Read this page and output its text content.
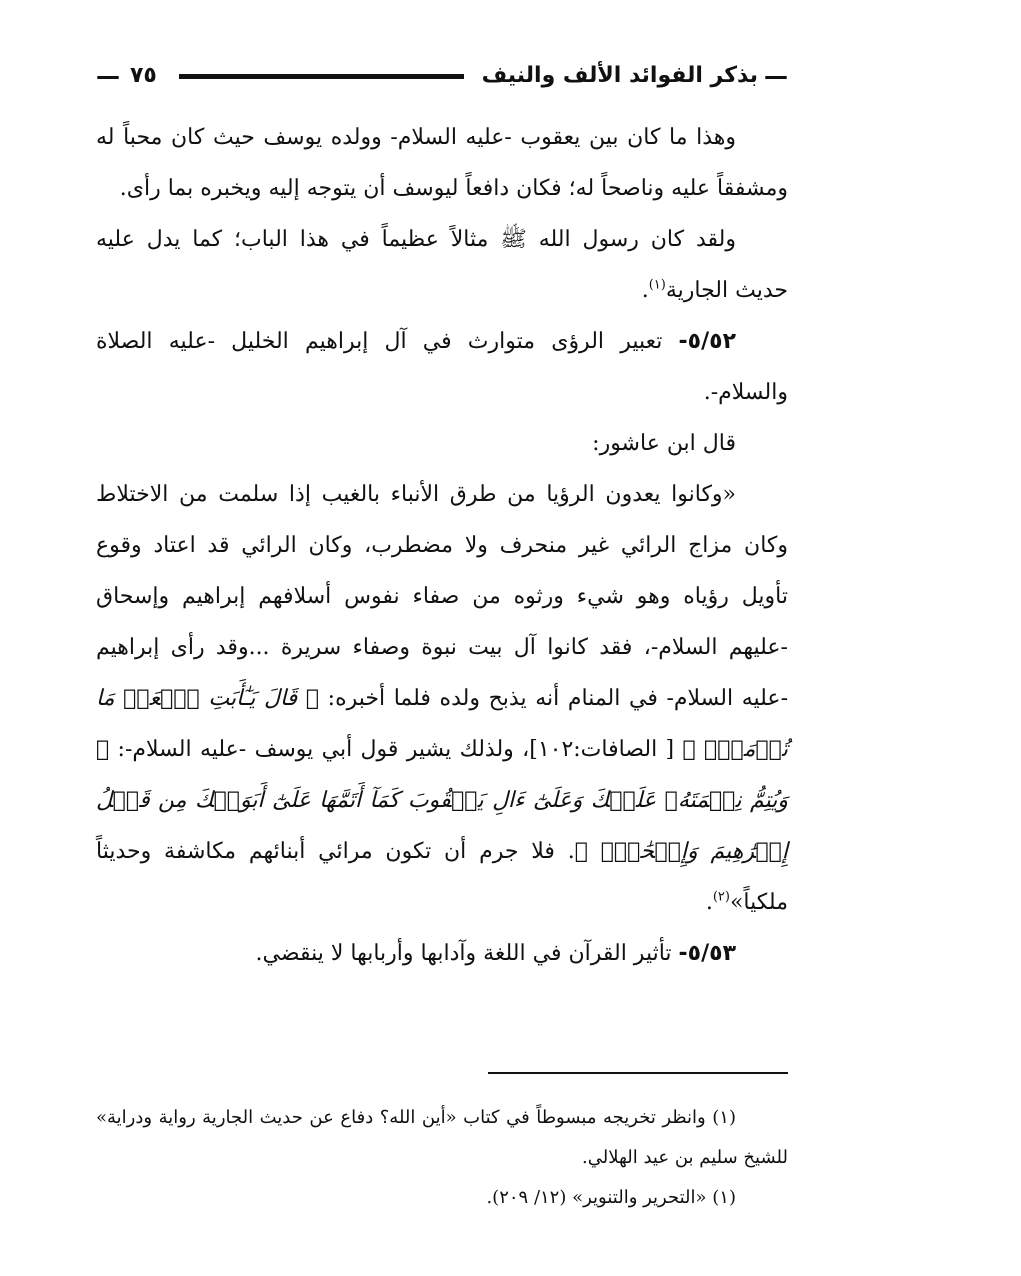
—
بذكر الفوائد الألف والنيف
٧٥
—

وهذا ما كان بين يعقوب -عليه السلام- وولده يوسف حيث كان محباً له ومشفقاً عليه وناصحاً له؛ فكان دافعاً ليوسف أن يتوجه إليه ويخبره بما رأى.

ولقد كان رسول الله ﷺ مثالاً عظيماً في هذا الباب؛ كما يدل عليه حديث الجارية$^{(١)}$.

٥/٥٢- تعبير الرؤى متوارث في آل إبراهيم الخليل -عليه الصلاة والسلام-.

قال ابن عاشور:

«وكانوا يعدون الرؤيا من طرق الأنباء بالغيب إذا سلمت من الاختلاط وكان مزاج الرائي غير منحرف ولا مضطرب، وكان الرائي قد اعتاد وقوع تأويل رؤياه وهو شيء ورثوه من صفاء نفوس أسلافهم إبراهيم وإسحاق -عليهم السلام-، فقد كانوا آل بيت نبوة وصفاء سريرة ...وقد رأى إبراهيم -عليه السلام- في المنام أنه يذبح ولده فلما أخبره: ﴿ قَالَ يَـٰٓأَبَتِ ٱفۡعَلۡ مَا تُؤۡمَرُۖ ﴾ [ الصافات:١٠٢]، ولذلك يشير قول أبي يوسف -عليه السلام-: ﴿ وَيُتِمُّ نِعۡمَتَهُۥ عَلَيۡكَ وَعَلَىٰٓ ءَالِ يَعۡقُوبَ كَمَآ أَتَمَّهَا عَلَىٰٓ أَبَوَيۡكَ مِن قَبۡلُ إِبۡرَٰهِيمَ وَإِسۡحَٰقَۚ ﴾. فلا جرم أن تكون مرائي أبنائهم مكاشفة وحديثاً ملكياً»$^{(٢)}$.

٥/٥٣- تأثير القرآن في اللغة وآدابها وأربابها لا ينقضي.

(١) وانظر تخريجه مبسوطاً في كتاب «أين الله؟ دفاع عن حديث الجارية رواية ودراية» للشيخ سليم بن عيد الهلالي.

(١) «التحرير والتنوير» (١٢/ ٢٠٩).
